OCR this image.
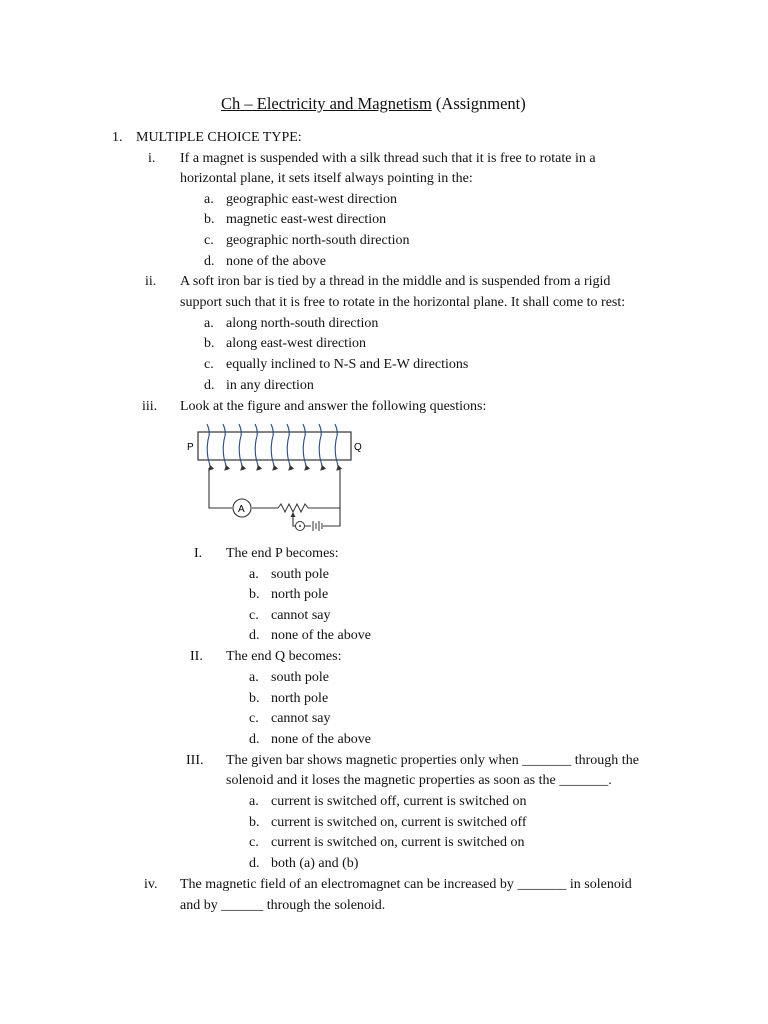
Ch – Electricity and Magnetism (Assignment)
1. MULTIPLE CHOICE TYPE:
i. If a magnet is suspended with a silk thread such that it is free to rotate in a
horizontal plane, it sets itself always pointing in the:
a. geographic east-west direction
b. magnetic east-west direction
c. geographic north-south direction
d. none of the above
ii. A soft iron bar is tied by a thread in the middle and is suspended from a rigid
support such that it is free to rotate in the horizontal plane. It shall come to rest:
a. along north-south direction
b. along east-west direction
c. equally inclined to N-S and E-W directions
d. in any direction
iii. Look at the figure and answer the following questions:
P	Q
A
I. The end P becomes:
a. south pole
b. north pole
c. cannot say
d. none of the above
II. The end Q becomes:
a. south pole
b. north pole
c. cannot say
d. none of the above
III. The given bar shows magnetic properties only when _______ through the
solenoid and it loses the magnetic properties as soon as the _______.
a. current is switched off, current is switched on
b. current is switched on, current is switched off
c. current is switched on, current is switched on
d. both (a) and (b)
iv. The magnetic field of an electromagnet can be increased by _______ in solenoid
and by ______ through the solenoid.
